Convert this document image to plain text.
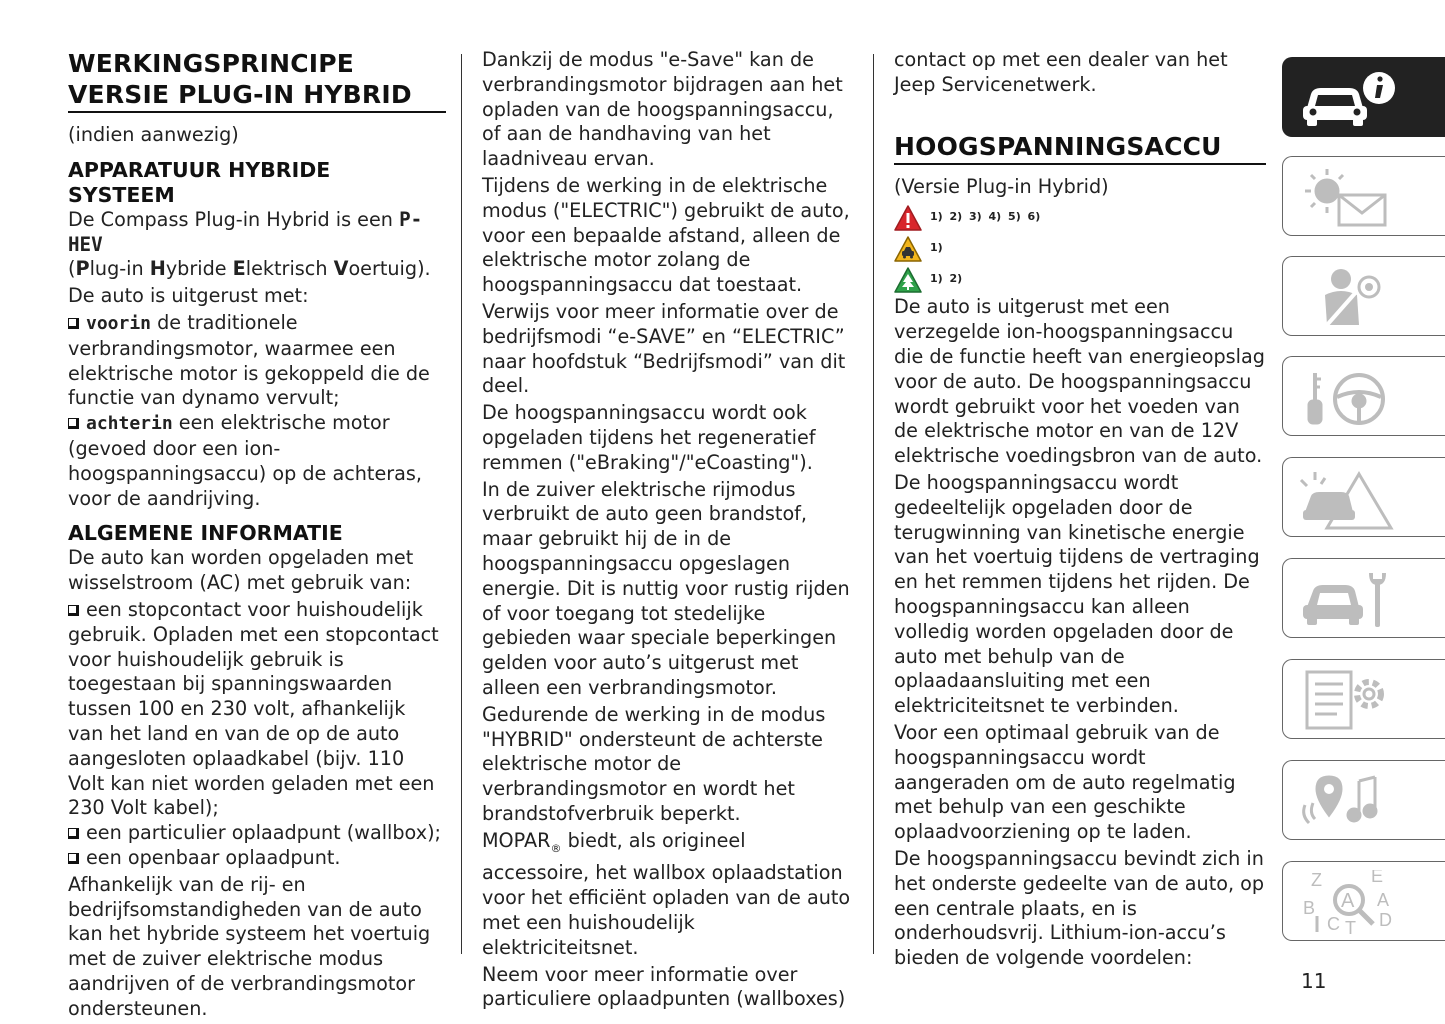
WERKINGSPRINCIPE
VERSIE PLUG-IN HYBRID

(indien aanwezig)

APPARATUUR HYBRIDE
SYSTEEM

De Compass Plug-in Hybrid is een P-HEV
(Plug-in Hybride Elektrisch Voertuig).

De auto is uitgerust met:

voorin de traditionele verbrandingsmotor, waarmee een elektrische motor is gekoppeld die de functie van dynamo vervult;

achterin een elektrische motor (gevoed door een ion-hoogspanningsaccu) op de achteras, voor de aandrijving.

ALGEMENE INFORMATIE

De auto kan worden opgeladen met wisselstroom (AC) met gebruik van:

een stopcontact voor huishoudelijk gebruik. Opladen met een stopcontact voor huishoudelijk gebruik is toegestaan bij spanningswaarden tussen 100 en 230 volt, afhankelijk van het land en van de op de auto aangesloten oplaadkabel (bijv. 110 Volt kan niet worden geladen met een 230 Volt kabel);

een particulier oplaadpunt (wallbox);

een openbaar oplaadpunt.

Afhankelijk van de rij- en bedrijfsomstandigheden van de auto kan het hybride systeem het voertuig met de zuiver elektrische modus aandrijven of de verbrandingsmotor ondersteunen.

Dankzij de modus "e-Save" kan de verbrandingsmotor bijdragen aan het opladen van de hoogspanningsaccu, of aan de handhaving van het laadniveau ervan.

Tijdens de werking in de elektrische modus ("ELECTRIC") gebruikt de auto, voor een bepaalde afstand, alleen de elektrische motor zolang de hoogspanningsaccu dat toestaat.

Verwijs voor meer informatie over de bedrijfsmodi “e-SAVE” en “ELECTRIC” naar hoofdstuk “Bedrijfsmodi” van dit deel.

De hoogspanningsaccu wordt ook opgeladen tijdens het regeneratief remmen ("eBraking"/"eCoasting").

In de zuiver elektrische rijmodus verbruikt de auto geen brandstof, maar gebruikt hij de in de hoogspanningsaccu opgeslagen energie. Dit is nuttig voor rustig rijden of voor toegang tot stedelijke gebieden waar speciale beperkingen gelden voor auto’s uitgerust met alleen een verbrandingsmotor.

Gedurende de werking in de modus "HYBRID" ondersteunt de achterste elektrische motor de verbrandingsmotor en wordt het brandstofverbruik beperkt.

$MOPAR_®$ biedt, als origineel accessoire, het wallbox oplaadstation voor het efficiënt opladen van de auto met een huishoudelijk elektriciteitsnet.

Neem voor meer informatie over particuliere oplaadpunten (wallboxes)

contact op met een dealer van het Jeep Servicenetwerk.

HOOGSPANNINGSACCU

(Versie Plug-in Hybrid)

1) 2) 3) 4) 5) 6)
1)
1) 2)

De auto is uitgerust met een verzegelde ion-hoogspanningsaccu die de functie heeft van energieopslag voor de auto. De hoogspanningsaccu wordt gebruikt voor het voeden van de elektrische motor en van de 12V elektrische voedingsbron van de auto.

De hoogspanningsaccu wordt gedeeltelijk opgeladen door de terugwinning van kinetische energie van het voertuig tijdens de vertraging en het remmen tijdens het rijden. De hoogspanningsaccu kan alleen volledig worden opgeladen door de auto met behulp van de oplaadaansluiting met een elektriciteitsnet te verbinden.

Voor een optimaal gebruik van de hoogspanningsaccu wordt aangeraden om de auto regelmatig met behulp van een geschikte oplaadvoorziening op te laden.

De hoogspanningsaccu bevindt zich in het onderste gedeelte van de auto, op een centrale plaats, en is onderhoudsvrij. Lithium-ion-accu’s bieden de volgende voordelen:

A
Z	E
B	A
C T D
11
